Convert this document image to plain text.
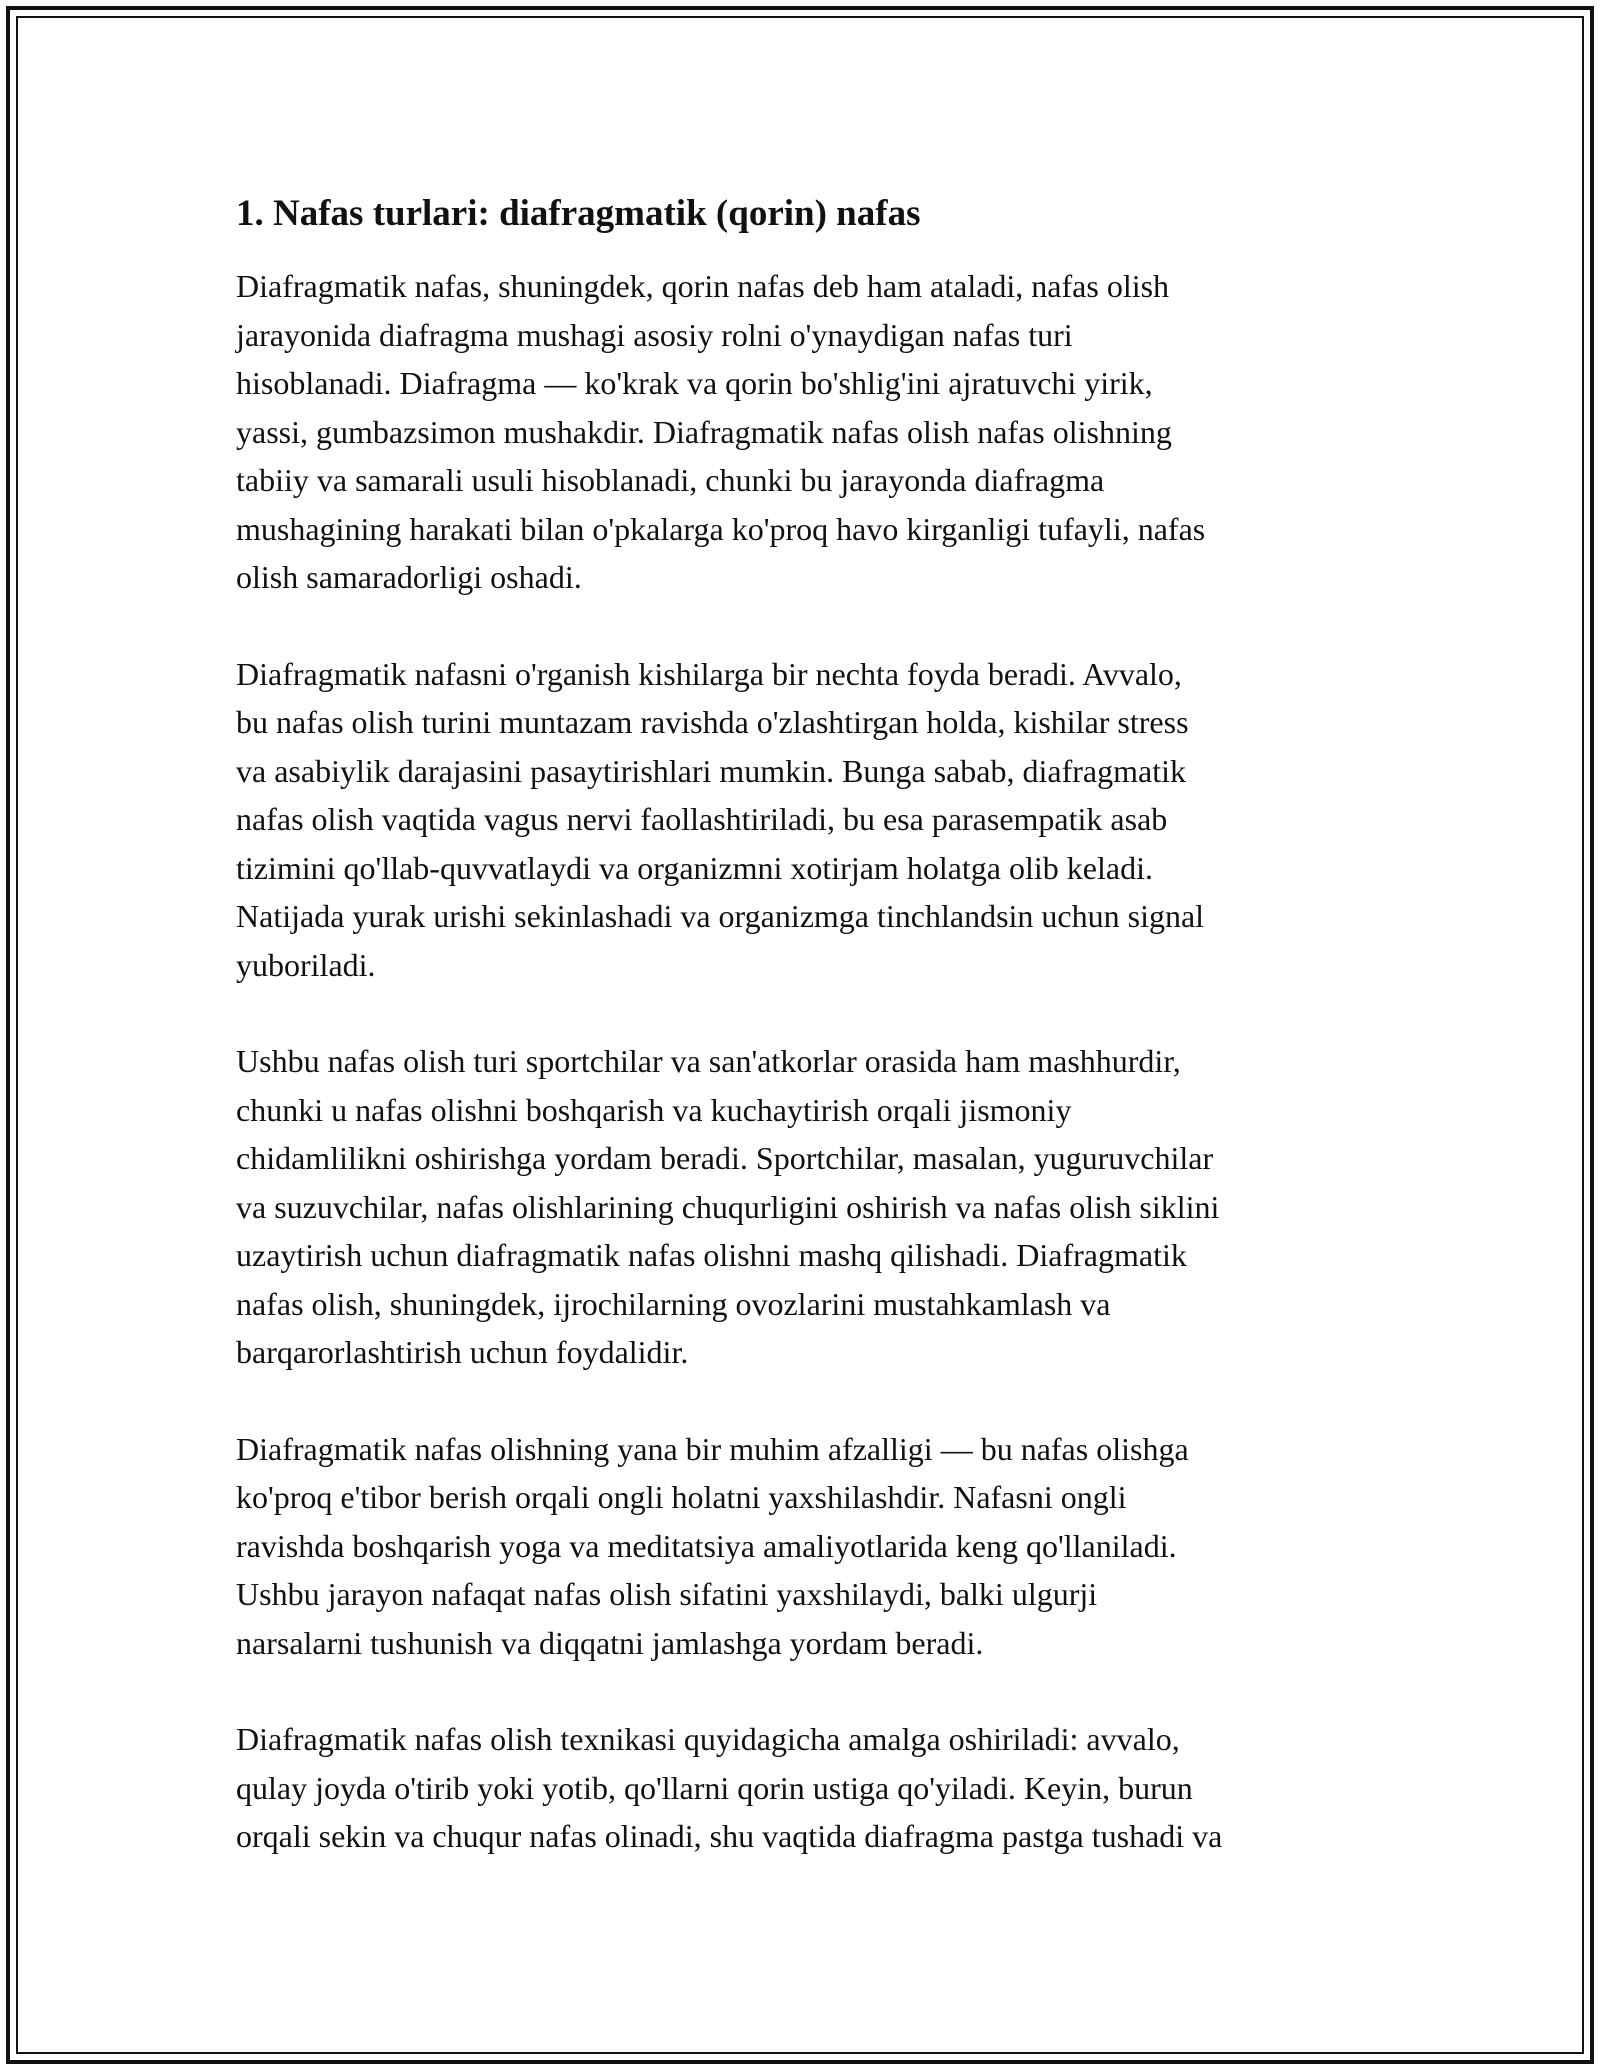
1. Nafas turlari: diafragmatik (qorin) nafas

Diafragmatik nafas, shuningdek, qorin nafas deb ham ataladi, nafas olish
jarayonida diafragma mushagi asosiy rolni o'ynaydigan nafas turi
hisoblanadi. Diafragma — ko'krak va qorin bo'shlig'ini ajratuvchi yirik,
yassi, gumbazsimon mushakdir. Diafragmatik nafas olish nafas olishning
tabiiy va samarali usuli hisoblanadi, chunki bu jarayonda diafragma
mushagining harakati bilan o'pkalarga ko'proq havo kirganligi tufayli, nafas
olish samaradorligi oshadi.

Diafragmatik nafasni o'rganish kishilarga bir nechta foyda beradi. Avvalo,
bu nafas olish turini muntazam ravishda o'zlashtirgan holda, kishilar stress
va asabiylik darajasini pasaytirishlari mumkin. Bunga sabab, diafragmatik
nafas olish vaqtida vagus nervi faollashtiriladi, bu esa parasempatik asab
tizimini qo'llab-quvvatlaydi va organizmni xotirjam holatga olib keladi.
Natijada yurak urishi sekinlashadi va organizmga tinchlandsin uchun signal
yuboriladi.

Ushbu nafas olish turi sportchilar va san'atkorlar orasida ham mashhurdir,
chunki u nafas olishni boshqarish va kuchaytirish orqali jismoniy
chidamlilikni oshirishga yordam beradi. Sportchilar, masalan, yuguruvchilar
va suzuvchilar, nafas olishlarining chuqurligini oshirish va nafas olish siklini
uzaytirish uchun diafragmatik nafas olishni mashq qilishadi. Diafragmatik
nafas olish, shuningdek, ijrochilarning ovozlarini mustahkamlash va
barqarorlashtirish uchun foydalidir.

Diafragmatik nafas olishning yana bir muhim afzalligi — bu nafas olishga
ko'proq e'tibor berish orqali ongli holatni yaxshilashdir. Nafasni ongli
ravishda boshqarish yoga va meditatsiya amaliyotlarida keng qo'llaniladi.
Ushbu jarayon nafaqat nafas olish sifatini yaxshilaydi, balki ulgurji
narsalarni tushunish va diqqatni jamlashga yordam beradi.

Diafragmatik nafas olish texnikasi quyidagicha amalga oshiriladi: avvalo,
qulay joyda o'tirib yoki yotib, qo'llarni qorin ustiga qo'yiladi. Keyin, burun
orqali sekin va chuqur nafas olinadi, shu vaqtida diafragma pastga tushadi va
